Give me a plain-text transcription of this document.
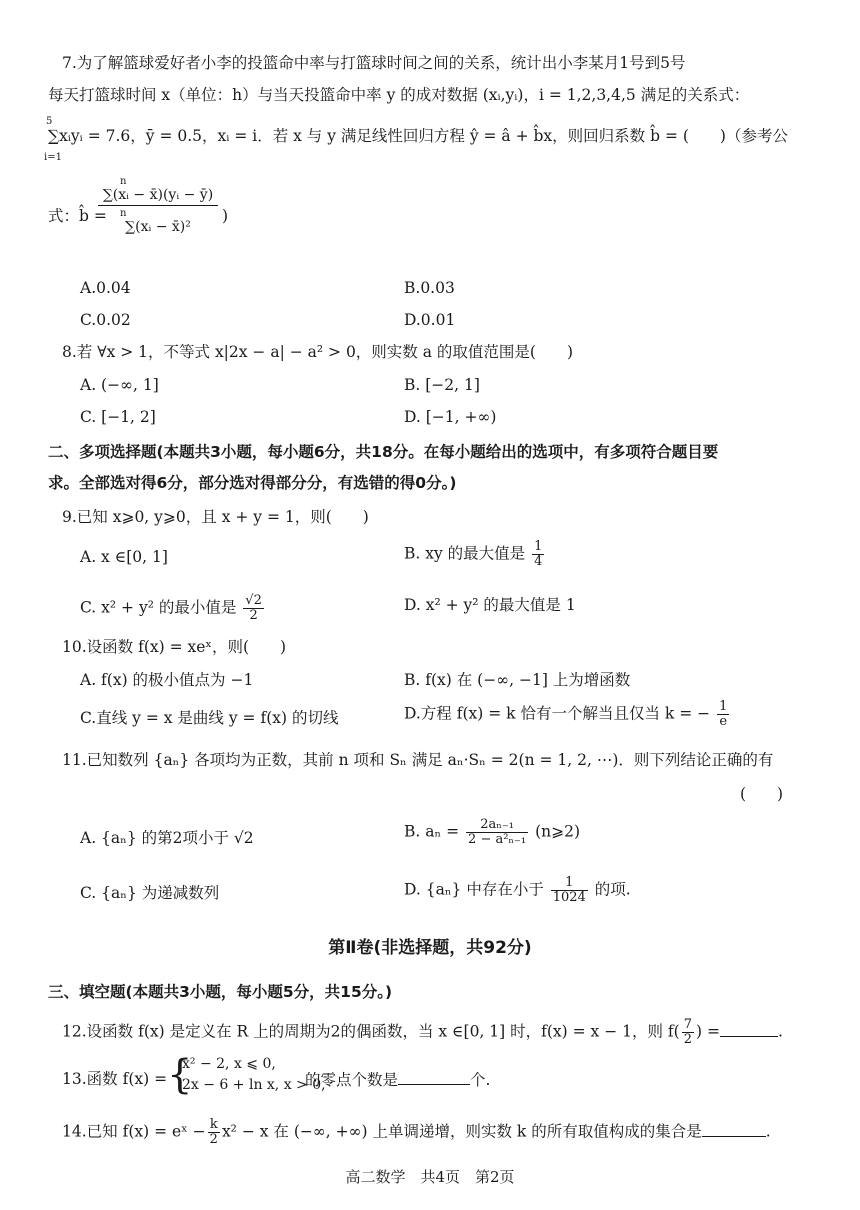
7.为了解篮球爱好者小李的投篮命中率与打篮球时间之间的关系，统计出小李某月1号到5号
每天打篮球时间 x（单位：h）与当天投篮命中率 y 的成对数据 (xᵢ,yᵢ)，i = 1,2,3,4,5 满足的关系式：
5
i=1
∑xᵢyᵢ = 7.6，ȳ = 0.5，xᵢ = i．若 x 与 y 满足线性回归方程 ŷ = â + b̂x，则回归系数 b̂ = (　　)（参考公
式：b̂ =
n
∑(xᵢ − x̄)(yᵢ − ȳ)
n
∑(xᵢ − x̄)²
)
A.0.04	B.0.03
C.0.02	D.0.01
8.若 ∀x > 1，不等式 x|2x − a| − a² > 0，则实数 a 的取值范围是(　　)
A. (−∞, 1]	B. [−2, 1]
C. [−1, 2]	D. [−1, +∞)
二、多项选择题(本题共3小题，每小题6分，共18分。在每小题给出的选项中，有多项符合题目要
求。全部选对得6分，部分选对得部分分，有选错的得0分。)
9.已知 x⩾0, y⩾0，且 x + y = 1，则(　　)
A. x ∈[0, 1]	B. xy 的最大值是 $\frac{1}{4}$
C. x² + y² 的最小值是 $\frac{√2}{2}$	D. x² + y² 的最大值是 1
10.设函数 f(x) = xeˣ，则(　　)
A. f(x) 的极小值点为 −1	B. f(x) 在 (−∞, −1] 上为增函数
C.直线 y = x 是曲线 y = f(x) 的切线	D.方程 f(x) = k 恰有一个解当且仅当 k = − $\frac{1}{e}$
11.已知数列 {aₙ} 各项均为正数，其前 n 项和 Sₙ 满足 aₙ·Sₙ = 2(n = 1, 2, ⋯)．则下列结论正确的有
(　　)
A. {aₙ} 的第2项小于 √2	B. $a_n = \frac{\text{2aₙ₋₁}}{\text{2 − a²ₙ₋₁}}$ (n⩾2)
C. {aₙ} 为递减数列	D. {aₙ} 中存在小于 $\frac{1}{1024}$ 的项.
第Ⅱ卷(非选择题，共92分)
三、填空题(本题共3小题，每小题5分，共15分。)
12.设函数 f(x) 是定义在 R 上的周期为2的偶函数，当 x ∈[0, 1] 时，f(x) = x − 1，则 $f( \frac{7}{2}$ ) =	.
13.函数 f(x) = {
x² − 2, x ⩽ 0,
2x − 6 + ln x, x > 0,
的零点个数是	个.
14.已知 f(x) = eˣ − $\frac{k}{2} x^2 - x$ 在 (−∞, +∞) 上单调递增，则实数 k 的所有取值构成的集合是	.
高二数学　共4页　第2页
